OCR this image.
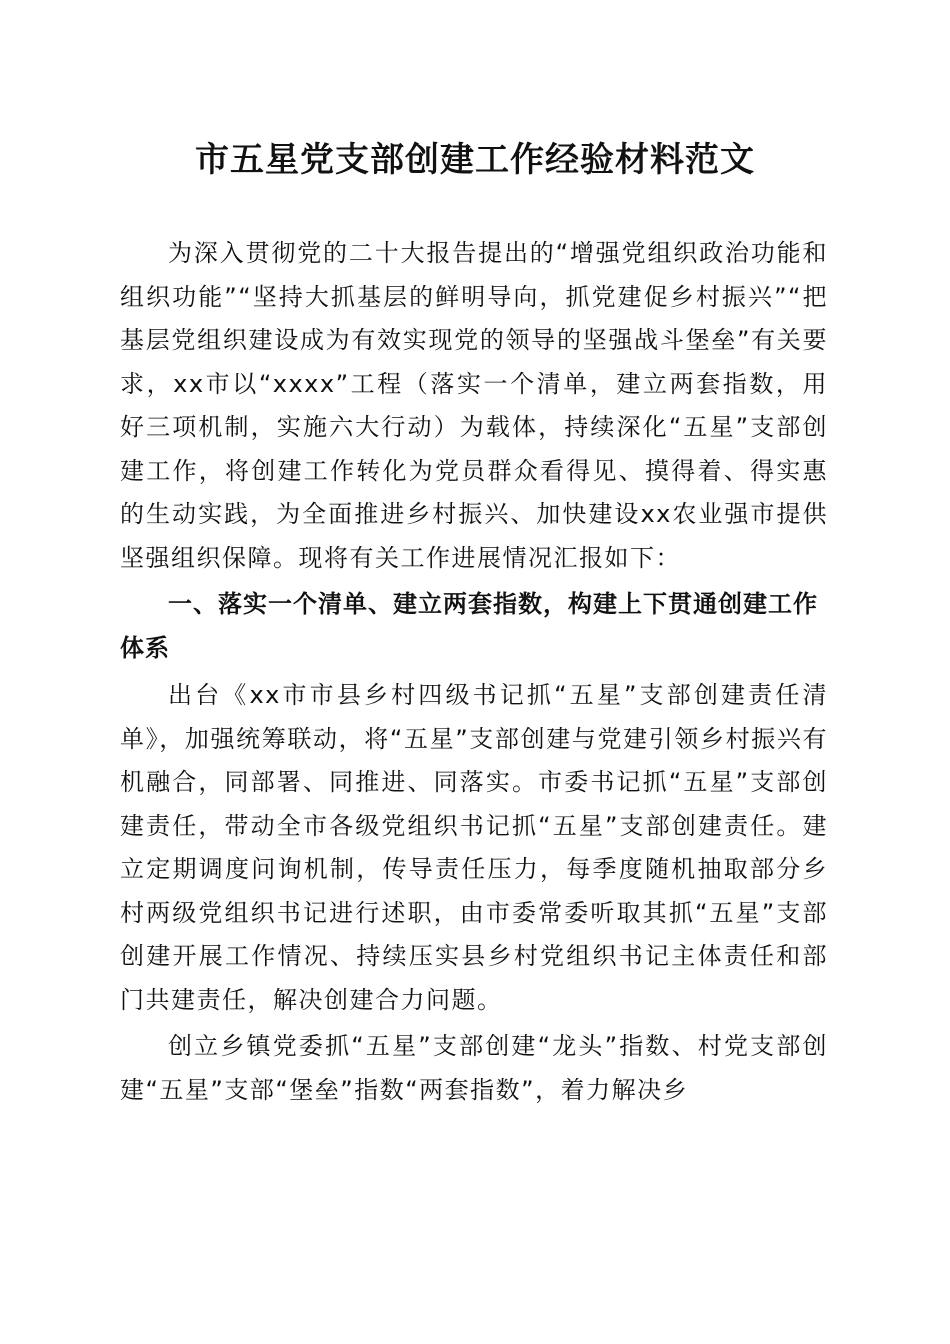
市五星党支部创建工作经验材料范文

为深入贯彻党的二十大报告提出的“增强党组织政治功能和组织功能”“坚持大抓基层的鲜明导向，抓党建促乡村振兴”“把基层党组织建设成为有效实现党的领导的坚强战斗堡垒”有关要求，xx市以“xxxx”工程（落实一个清单，建立两套指数，用好三项机制，实施六大行动）为载体，持续深化“五星”支部创建工作，将创建工作转化为党员群众看得见、摸得着、得实惠的生动实践，为全面推进乡村振兴、加快建设xx农业强市提供坚强组织保障。现将有关工作进展情况汇报如下：

一、落实一个清单、建立两套指数，构建上下贯通创建工作体系

出台《xx市市县乡村四级书记抓“五星”支部创建责任清单》，加强统筹联动，将“五星”支部创建与党建引领乡村振兴有机融合，同部署、同推进、同落实。市委书记抓“五星”支部创建责任，带动全市各级党组织书记抓“五星”支部创建责任。建立定期调度问询机制，传导责任压力，每季度随机抽取部分乡村两级党组织书记进行述职，由市委常委听取其抓“五星”支部创建开展工作情况、持续压实县乡村党组织书记主体责任和部门共建责任，解决创建合力问题。

创立乡镇党委抓“五星”支部创建“龙头”指数、村党支部创建“五星”支部“堡垒”指数“两套指数”，着力解决乡
